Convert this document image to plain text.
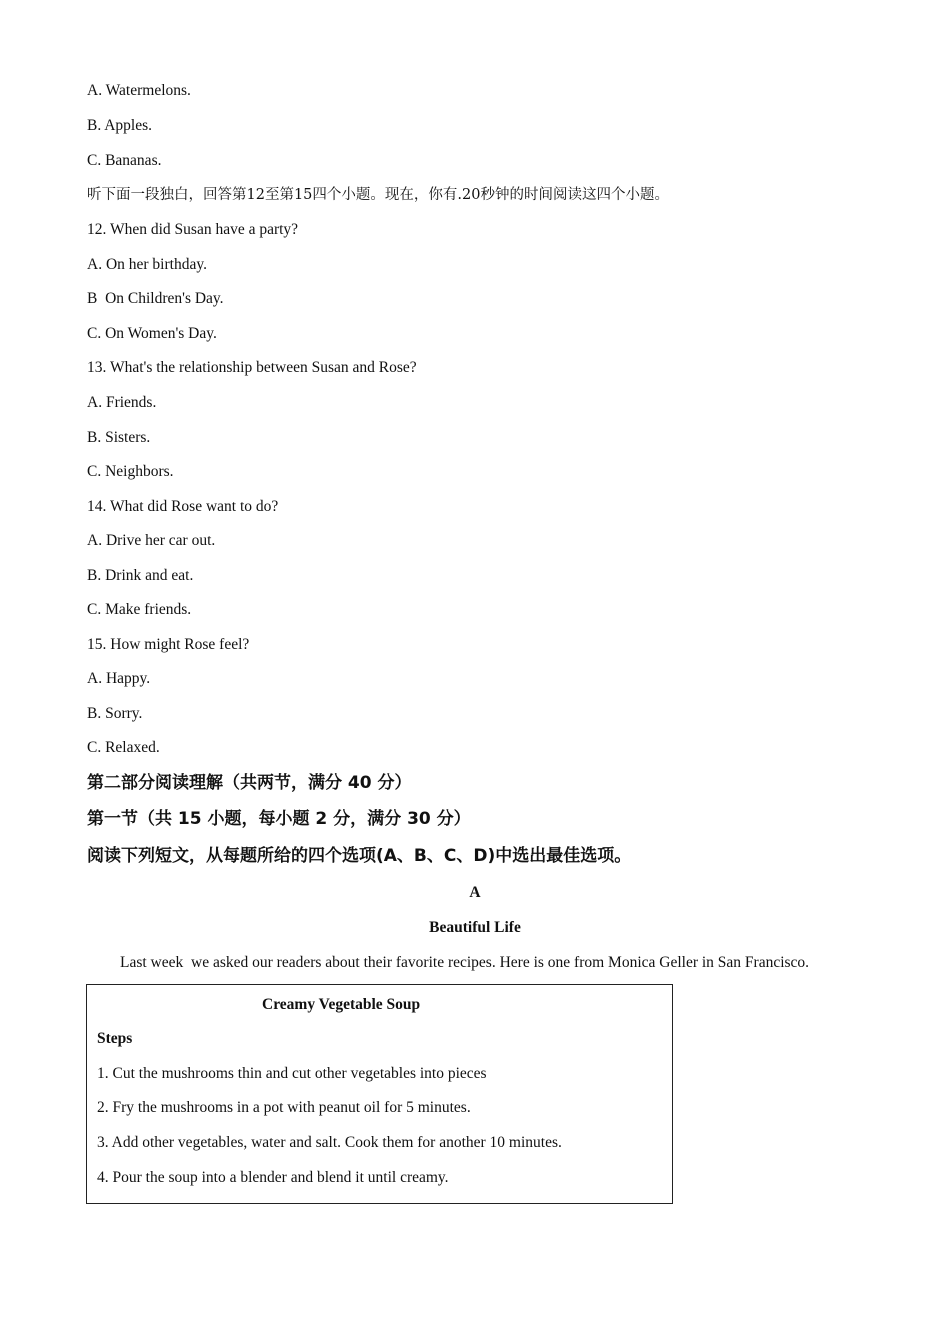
A. Watermelons.
B. Apples.
C. Bananas.
听下面一段独白，回答第12至第15四个小题。现在，你有.20秒钟的时间阅读这四个小题。
12. When did Susan have a party?
A. On her birthday.
B  On Children's Day.
C. On Women's Day.
13. What's the relationship between Susan and Rose?
A. Friends.
B. Sisters.
C. Neighbors.
14. What did Rose want to do?
A. Drive her car out.
B. Drink and eat.
C. Make friends.
15. How might Rose feel?
A. Happy.
B. Sorry.
C. Relaxed.
第二部分阅读理解（共两节，满分 40 分）
第一节（共 15 小题，每小题 2 分，满分 30 分）
阅读下列短文，从每题所给的四个选项(A、B、C、D)中选出最佳选项。
A
Beautiful Life
Last week  we asked our readers about their favorite recipes. Here is one from Monica Geller in San Francisco.
Creamy Vegetable Soup
Steps
1. Cut the mushrooms thin and cut other vegetables into pieces
2. Fry the mushrooms in a pot with peanut oil for 5 minutes.
3. Add other vegetables, water and salt. Cook them for another 10 minutes.
4. Pour the soup into a blender and blend it until creamy.
